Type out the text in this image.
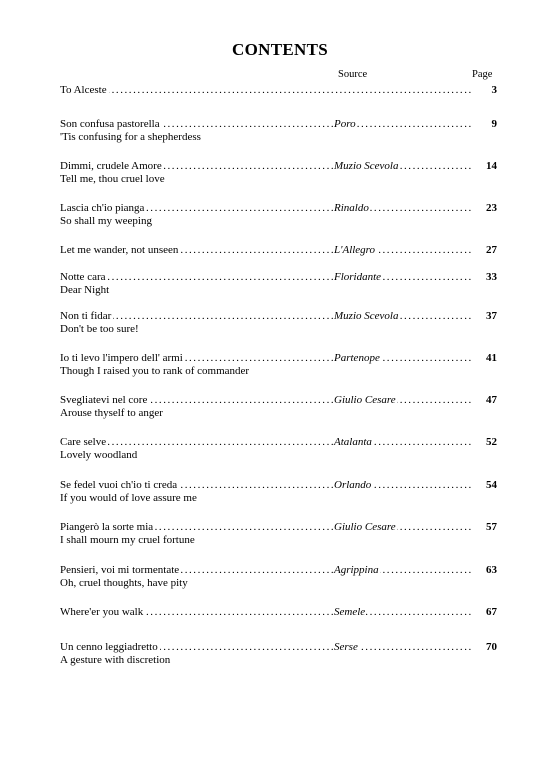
CONTENTS
Source	Page
. . .
To Alceste	3
. . .
Son confusa pastorella	Poro	9
'Tis confusing for a shepherdess
. . .
Dimmi, crudele Amore	Muzio Scevola	14
Tell me, thou cruel love
. . .
Lascia ch'io pianga	Rinaldo	23
So shall my weeping
. . .
Let me wander, not unseen	L'Allegro	27
. . .
Notte cara	Floridante	33
Dear Night
. . .
Non ti fidar	Muzio Scevola	37
Don't be too sure!
. . .
Io ti levo l'impero dell' armi	Partenope	41
Though I raised you to rank of commander
. . .
Svegliatevi nel core	Giulio Cesare	47
Arouse thyself to anger
. . .
Care selve	Atalanta	52
Lovely woodland
. . .
Se fedel vuoi ch'io ti creda	Orlando	54
If you would of love assure me
. . .
Piangerò la sorte mia	Giulio Cesare	57
I shall mourn my cruel fortune
. . .
Pensieri, voi mi tormentate	Agrippina	63
Oh, cruel thoughts, have pity
. . .
Where'er you walk	Semele	67
. . .
Un cenno leggiadretto	Serse	70
A gesture with discretion
